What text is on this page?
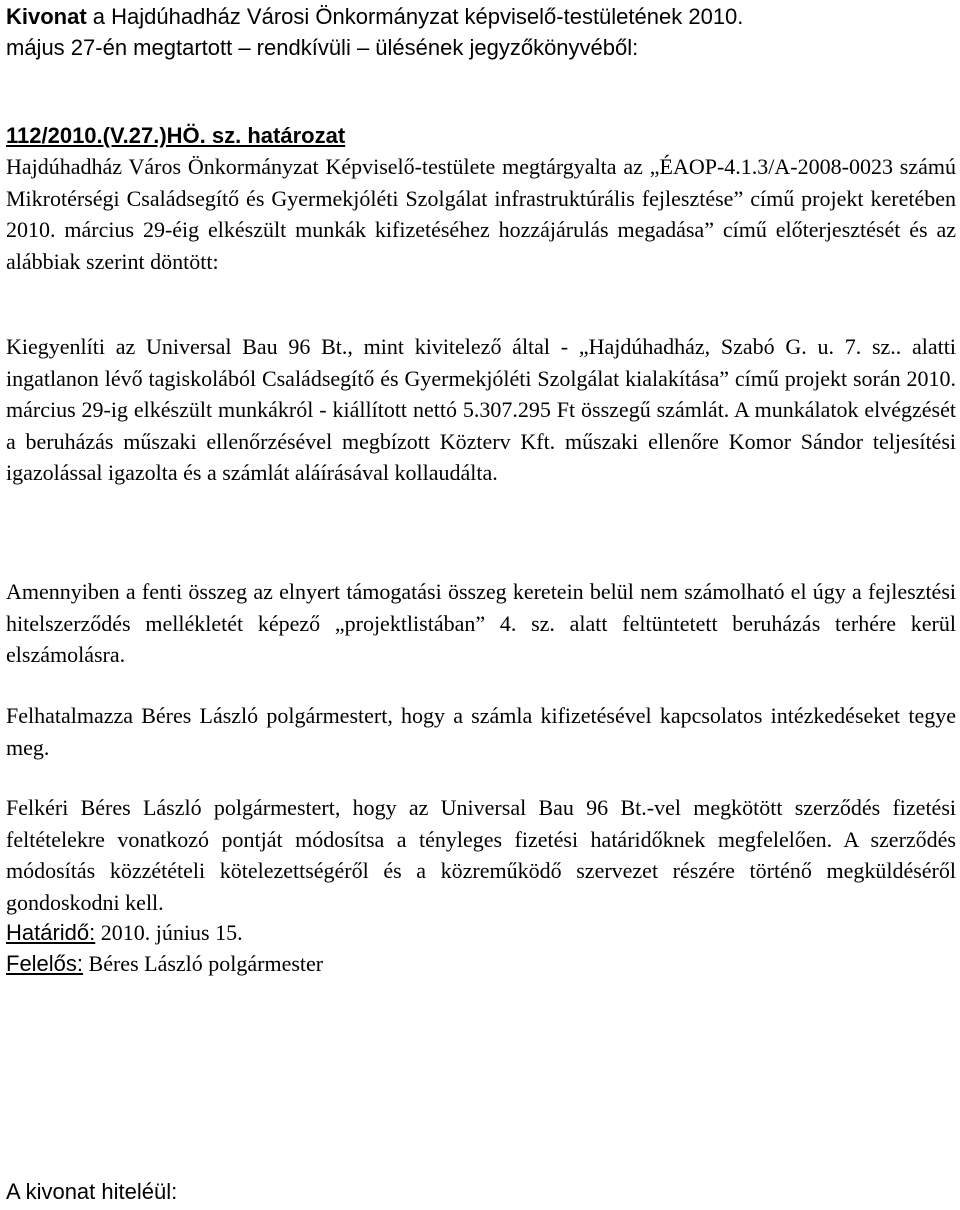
Kivonat a Hajdúhadház Városi Önkormányzat képviselő-testületének 2010.

május 27-én megtartott – rendkívüli – ülésének jegyzőkönyvéből:

112/2010.(V.27.)HÖ. sz. határozat

Hajdúhadház Város Önkormányzat Képviselő-testülete megtárgyalta az „ÉAOP-4.1.3/A-2008-0023 számú Mikrotérségi Családsegítő és Gyermekjóléti Szolgálat infrastruktúrális fejlesztése” című projekt keretében 2010. március 29-éig elkészült munkák kifizetéséhez hozzájárulás megadása” című előterjesztését és az alábbiak szerint döntött:

Kiegyenlíti az Universal Bau 96 Bt., mint kivitelező által - „Hajdúhadház, Szabó G. u. 7. sz.. alatti ingatlanon lévő tagiskolából Családsegítő és Gyermekjóléti Szolgálat kialakítása” című projekt során 2010. március 29-ig elkészült munkákról - kiállított nettó 5.307.295 Ft összegű számlát. A munkálatok elvégzését a beruházás műszaki ellenőrzésével megbízott Közterv Kft. műszaki ellenőre Komor Sándor teljesítési igazolással igazolta és a számlát aláírásával kollaudálta.

Amennyiben a fenti összeg az elnyert támogatási összeg keretein belül nem számolható el úgy a fejlesztési hitelszerződés mellékletét képező „projektlistában” 4. sz. alatt feltüntetett beruházás terhére kerül elszámolásra.

Felhatalmazza Béres László polgármestert, hogy a számla kifizetésével kapcsolatos intézkedéseket tegye meg.

Felkéri Béres László polgármestert, hogy az Universal Bau 96 Bt.-vel megkötött szerződés fizetési feltételekre vonatkozó pontját módosítsa a tényleges fizetési határidőknek megfelelően. A szerződés módosítás közzétételi kötelezettségéről és a közreműködő szervezet részére történő megküldéséről gondoskodni kell.

Határidő: 2010. június 15.

Felelős: Béres László polgármester

A kivonat hiteléül:
